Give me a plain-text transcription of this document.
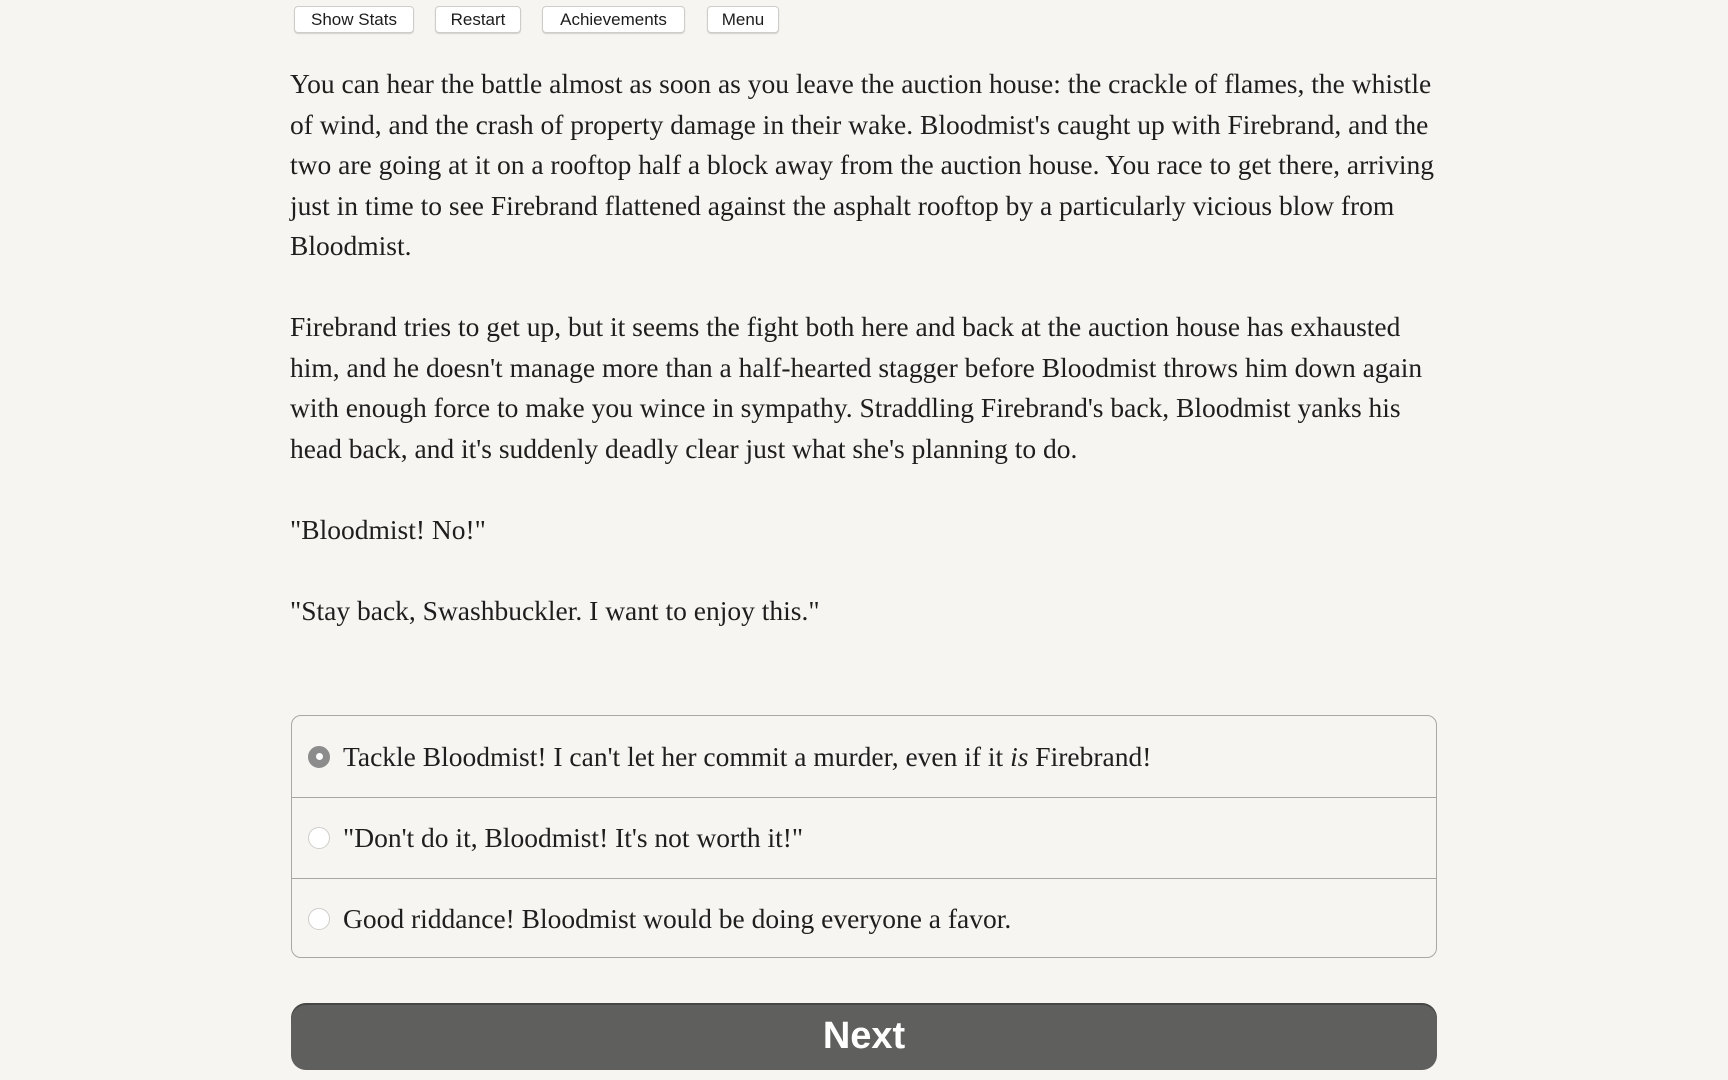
Show Stats	Restart	Achievements	Menu

You can hear the battle almost as soon as you leave the auction house: the crackle of flames, the whistle of wind, and the crash of property damage in their wake. Bloodmist's caught up with Firebrand, and the two are going at it on a rooftop half a block away from the auction house. You race to get there, arriving just in time to see Firebrand flattened against the asphalt rooftop by a particularly vicious blow from Bloodmist.

Firebrand tries to get up, but it seems the fight both here and back at the auction house has exhausted him, and he doesn't manage more than a half-hearted stagger before Bloodmist throws him down again with enough force to make you wince in sympathy. Straddling Firebrand's back, Bloodmist yanks his head back, and it's suddenly deadly clear just what she's planning to do.

"Bloodmist! No!"

"Stay back, Swashbuckler. I want to enjoy this."

Tackle Bloodmist! I can't let her commit a murder, even if it is Firebrand!
"Don't do it, Bloodmist! It's not worth it!"
Good riddance! Bloodmist would be doing everyone a favor.
Next
